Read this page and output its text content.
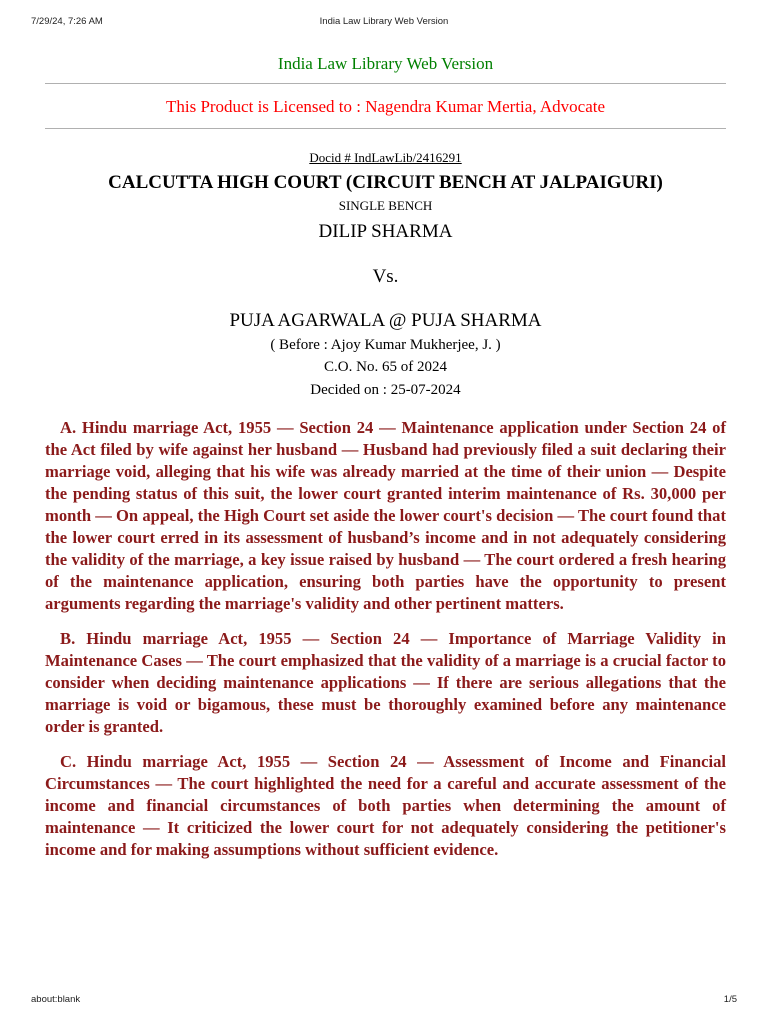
7/29/24, 7:26 AM	India Law Library Web Version
India Law Library Web Version
This Product is Licensed to : Nagendra Kumar Mertia, Advocate
Docid # IndLawLib/2416291
CALCUTTA HIGH COURT (CIRCUIT BENCH AT JALPAIGURI)
SINGLE BENCH
DILIP SHARMA
Vs.
PUJA AGARWALA @ PUJA SHARMA
( Before : Ajoy Kumar Mukherjee, J. )
C.O. No. 65 of 2024
Decided on : 25-07-2024

A. Hindu marriage Act, 1955 — Section 24 — Maintenance application under Section 24 of the Act filed by wife against her husband — Husband had previously filed a suit declaring their marriage void, alleging that his wife was already married at the time of their union — Despite the pending status of this suit, the lower court granted interim maintenance of Rs. 30,000 per month — On appeal, the High Court set aside the lower court's decision — The court found that the lower court erred in its assessment of husband’s income and in not adequately considering the validity of the marriage, a key issue raised by husband — The court ordered a fresh hearing of the maintenance application, ensuring both parties have the opportunity to present arguments regarding the marriage's validity and other pertinent matters.

B. Hindu marriage Act, 1955 — Section 24 — Importance of Marriage Validity in Maintenance Cases — The court emphasized that the validity of a marriage is a crucial factor to consider when deciding maintenance applications — If there are serious allegations that the marriage is void or bigamous, these must be thoroughly examined before any maintenance order is granted.

C. Hindu marriage Act, 1955 — Section 24 — Assessment of Income and Financial Circumstances — The court highlighted the need for a careful and accurate assessment of the income and financial circumstances of both parties when determining the amount of maintenance — It criticized the lower court for not adequately considering the petitioner's income and for making assumptions without sufficient evidence.

about:blank	1/5
